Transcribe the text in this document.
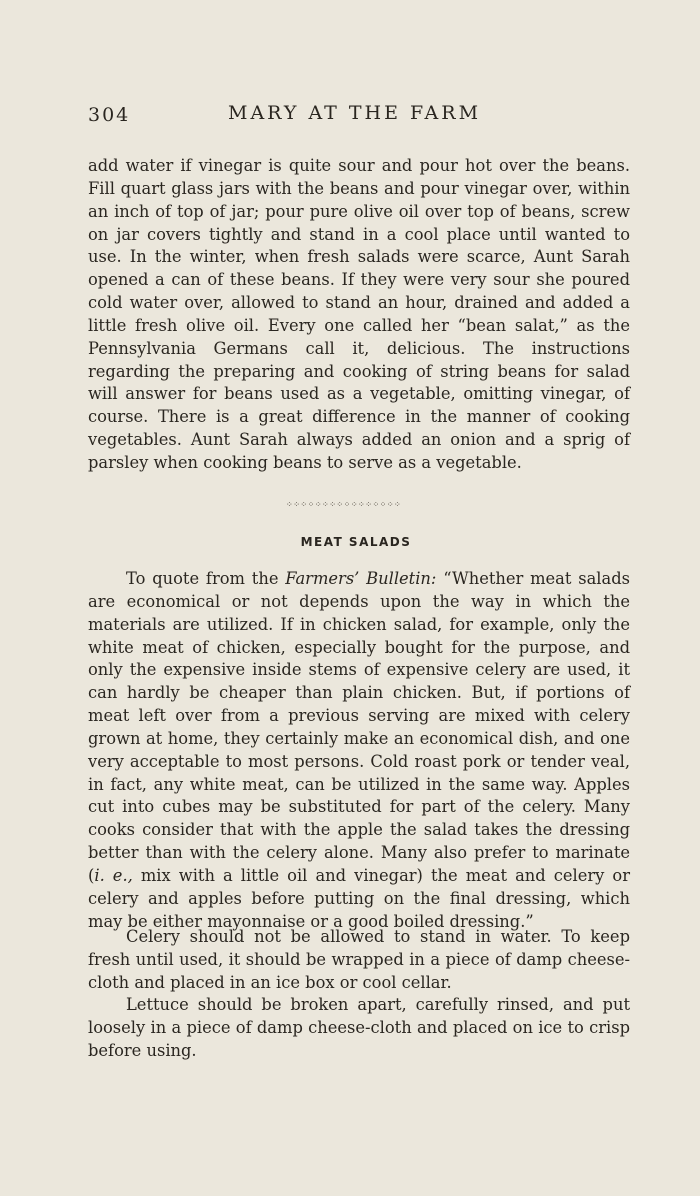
304	MARY AT THE FARM

add water if vinegar is quite sour and pour hot over the beans. Fill quart glass jars with the beans and pour vinegar over, within an inch of top of jar; pour pure olive oil over top of beans, screw on jar covers tightly and stand in a cool place until wanted to use. In the winter, when fresh salads were scarce, Aunt Sarah opened a can of these beans. If they were very sour she poured cold water over, allowed to stand an hour, drained and added a little fresh olive oil. Every one called her “bean salat,” as the Pennsylvania Germans call it, delicious. The instructions regarding the preparing and cooking of string beans for salad will answer for beans used as a vegetable, omitting vinegar, of course. There is a great difference in the manner of cooking vegetables. Aunt Sarah always added an onion and a sprig of parsley when cooking beans to serve as a vegetable.

⁘⁘⁘⁘⁘⁘⁘⁘⁘⁘⁘⁘⁘⁘⁘⁘
MEAT SALADS

To quote from the Farmers’ Bulletin: “Whether meat salads are economical or not depends upon the way in which the materials are utilized. If in chicken salad, for example, only the white meat of chicken, especially bought for the purpose, and only the expensive inside stems of expensive celery are used, it can hardly be cheaper than plain chicken. But, if portions of meat left over from a previous serving are mixed with celery grown at home, they certainly make an economical dish, and one very acceptable to most persons. Cold roast pork or tender veal, in fact, any white meat, can be utilized in the same way. Apples cut into cubes may be substituted for part of the celery. Many cooks consider that with the apple the salad takes the dressing better than with the celery alone. Many also prefer to marinate (i. e., mix with a little oil and vinegar) the meat and celery or celery and apples before putting on the final dressing, which may be either mayonnaise or a good boiled dressing.”

Celery should not be allowed to stand in water. To keep fresh until used, it should be wrapped in a piece of damp cheese-cloth and placed in an ice box or cool cellar.

Lettuce should be broken apart, carefully rinsed, and put loosely in a piece of damp cheese-cloth and placed on ice to crisp before using.
